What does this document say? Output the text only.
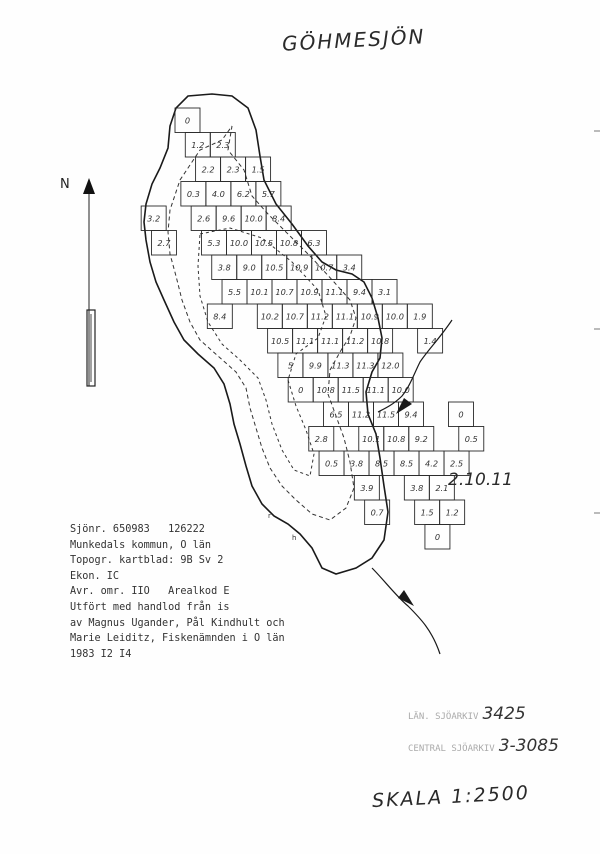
0
1.2 2.3
2.2 2.3 1.5
0.3 4.0 6.2 5.7
3.2	2.6 9.6 10.0 8.4
2.7	5.3 10.0 10.5 10.8 6.3
3.8 9.0 10.5 10.9 10.7 3.4
5.5 10.1 10.7 10.9 11.1 9.4 3.1
8.4	10.2 10.7 11.2 11.1 10.9 10.0 1.9
10.5 11.1 11.1 11.2 10.8	1.4
5 9.9 11.3 11.3 12.0
0 10.8 11.5 11.1 10.0
6.5 11.2 11.5 9.4	0
2.8	10.1 10.8 9.2	0.5
0.5 3.8 8.5 8.5 4.2 2.5
3.9	3.8 2.1
0.7	1.5 1.2
0
N
r
h
GÖHMESJÖN
2.10.11
SKALA 1:2500
Sjönr. 650983   126222
Munkedals kommun, O län
Topogr. kartblad: 9B Sv 2
Ekon. IC
Avr. omr. IIO   Arealkod E
Utfört med handlod från is
av Magnus Ugander, Pål Kindhult och
Marie Leiditz, Fiskenämnden i O län
1983 I2 I4
LÄN. SJÖARKIV 3425
CENTRAL SJÖARKIV 3-3085
